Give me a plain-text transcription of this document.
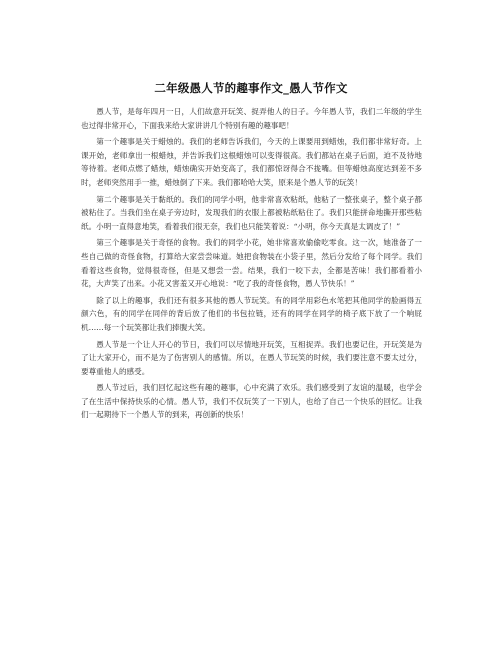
二年级愚人节的趣事作文_愚人节作文

愚人节，是每年四月一日，人们故意开玩笑、捉弄他人的日子。今年愚人节，我们二年级的学生也过得非常开心，下面我来给大家讲讲几个特别有趣的趣事吧！

第一个趣事是关于蜡烛的。我们的老师告诉我们，今天的上课要用到蜡烛，我们都非常好奇。上课开始，老师拿出一根蜡烛，并告诉我们这根蜡烛可以变得很高。我们都站在桌子后面，迫不及待地等待着。老师点燃了蜡烛，蜡烛确实开始变高了，我们都惊讶得合不拢嘴。但等蜡烛高度达到差不多时，老师突然用手一推，蜡烛倒了下来。我们都哈哈大笑，原来是个愚人节的玩笑！

第二个趣事是关于黏纸的。我们的同学小明，他非常喜欢粘纸，他粘了一整张桌子，整个桌子都被粘住了。当我们坐在桌子旁边时，发现我们的衣服上都被粘纸粘住了。我们只能拼命地撕开那些粘纸。小明一直得意地笑，看着我们很无奈，我们也只能笑着说：“小明，你今天真是太调皮了！”

第三个趣事是关于奇怪的食物。我们的同学小花，她非常喜欢偷偷吃零食。这一次，她准备了一些自己做的奇怪食物，打算给大家尝尝味道。她把食物装在小袋子里，然后分发给了每个同学。我们看着这些食物，觉得很奇怪，但是又想尝一尝。结果，我们一咬下去，全都是苦味！我们都看着小花，大声笑了出来。小花又害羞又开心地说：“吃了我的奇怪食物，愚人节快乐！”

除了以上的趣事，我们还有很多其他的愚人节玩笑。有的同学用彩色水笔把其他同学的脸画得五颜六色，有的同学在同伴的背后放了他们的书包拉链，还有的同学在同学的椅子底下放了一个响屁机……每一个玩笑都让我们捧腹大笑。

愚人节是一个让人开心的节日，我们可以尽情地开玩笑，互相捉弄。我们也要记住，开玩笑是为了让大家开心，而不是为了伤害别人的感情。所以，在愚人节玩笑的时候，我们要注意不要太过分，要尊重他人的感受。

愚人节过后，我们回忆起这些有趣的趣事，心中充满了欢乐。我们感受到了友谊的温暖，也学会了在生活中保持快乐的心情。愚人节，我们不仅玩笑了一下别人，也给了自己一个快乐的回忆。让我们一起期待下一个愚人节的到来，再创新的快乐！
